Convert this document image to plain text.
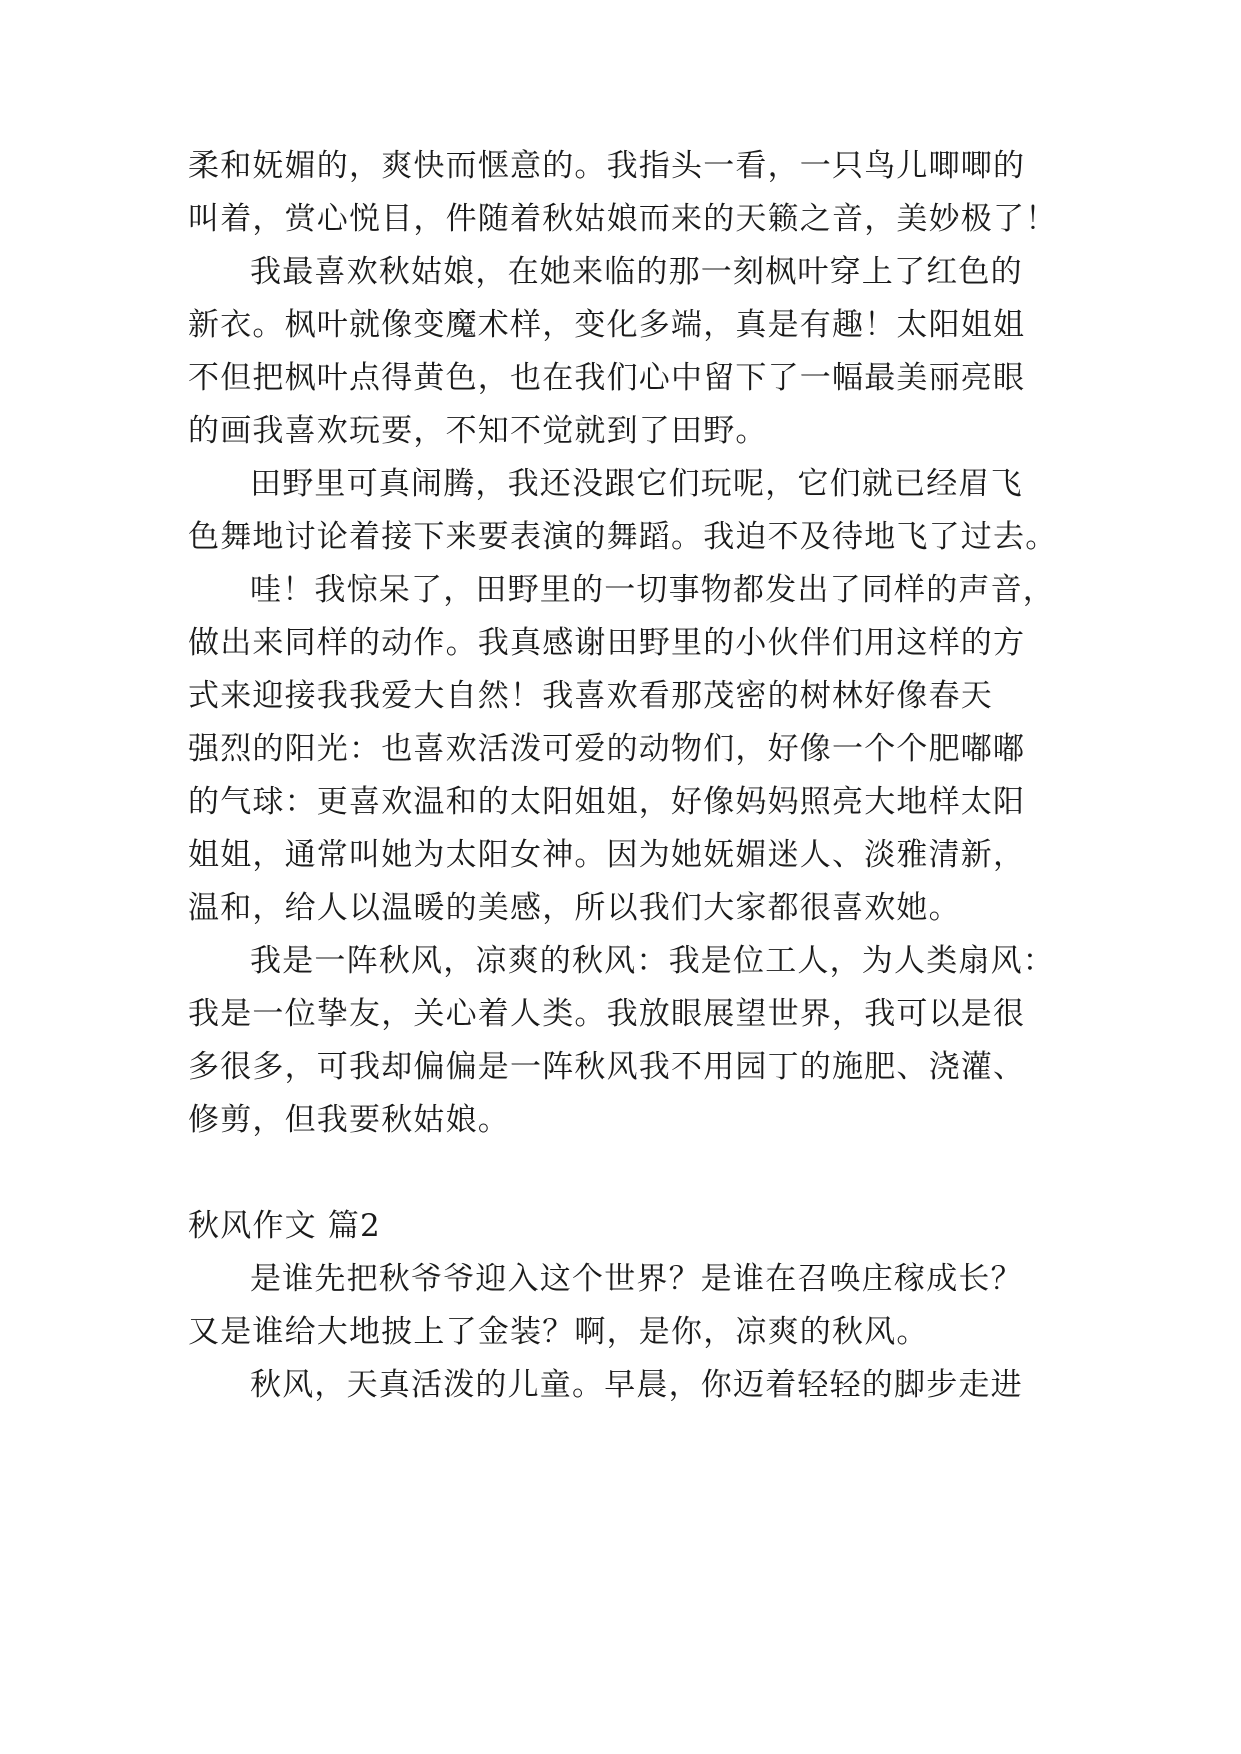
柔和妩媚的，爽快而惬意的。我指头一看，一只鸟儿唧唧的
叫着，赏心悦目，件随着秋姑娘而来的天籁之音，美妙极了！
我最喜欢秋姑娘，在她来临的那一刻枫叶穿上了红色的
新衣。枫叶就像变魔术样，变化多端，真是有趣！太阳姐姐
不但把枫叶点得黄色，也在我们心中留下了一幅最美丽亮眼
的画我喜欢玩要，不知不觉就到了田野。
田野里可真闹腾，我还没跟它们玩呢，它们就已经眉飞
色舞地讨论着接下来要表演的舞蹈。我迫不及待地飞了过去。
哇！我惊呆了，田野里的一切事物都发出了同样的声音，
做出来同样的动作。我真感谢田野里的小伙伴们用这样的方
式来迎接我我爱大自然！我喜欢看那茂密的树林好像春天
强烈的阳光：也喜欢活泼可爱的动物们，好像一个个肥嘟嘟
的气球：更喜欢温和的太阳姐姐，好像妈妈照亮大地样太阳
姐姐，通常叫她为太阳女神。因为她妩媚迷人、淡雅清新，
温和，给人以温暖的美感，所以我们大家都很喜欢她。
我是一阵秋风，凉爽的秋风：我是位工人，为人类扇风：
我是一位挚友，关心着人类。我放眼展望世界，我可以是很
多很多，可我却偏偏是一阵秋风我不用园丁的施肥、浇灌、
修剪，但我要秋姑娘。
秋风作文 篇2
是谁先把秋爷爷迎入这个世界？是谁在召唤庄稼成长？
又是谁给大地披上了金装？啊，是你，凉爽的秋风。
秋风，天真活泼的儿童。早晨，你迈着轻轻的脚步走进
